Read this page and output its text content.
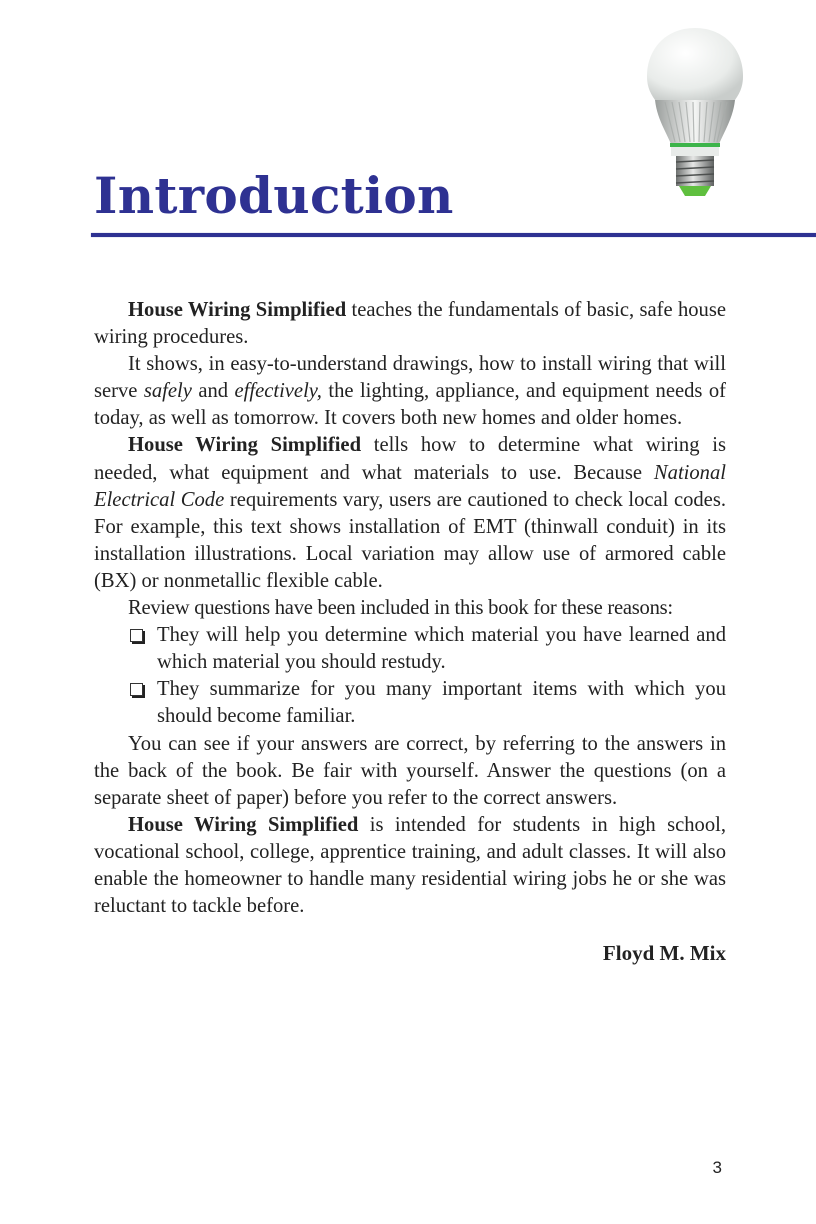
Introduction

House Wiring Simplified teaches the fundamentals of basic, safe house wiring procedures.

It shows, in easy-to-understand drawings, how to install wiring that will serve safely and effectively, the lighting, appliance, and equipment needs of today, as well as tomorrow. It covers both new homes and older homes.

House Wiring Simplified tells how to determine what wiring is needed, what equipment and what materials to use. Because National Electrical Code requirements vary, users are cautioned to check local codes. For example, this text shows installation of EMT (thinwall conduit) in its installation illustrations. Local variation may allow use of armored cable (BX) or nonmetallic flexible cable.

Review questions have been included in this book for these reasons:

They will help you determine which material you have learned and which material you should restudy.

They summarize for you many important items with which you should become familiar.

You can see if your answers are correct, by referring to the answers in the back of the book. Be fair with yourself. Answer the questions (on a separate sheet of paper) before you refer to the correct answers.

House Wiring Simplified is intended for students in high school, vocational school, college, apprentice training, and adult classes. It will also enable the homeowner to handle many residential wiring jobs he or she was reluctant to tackle before.

Floyd M. Mix

3
